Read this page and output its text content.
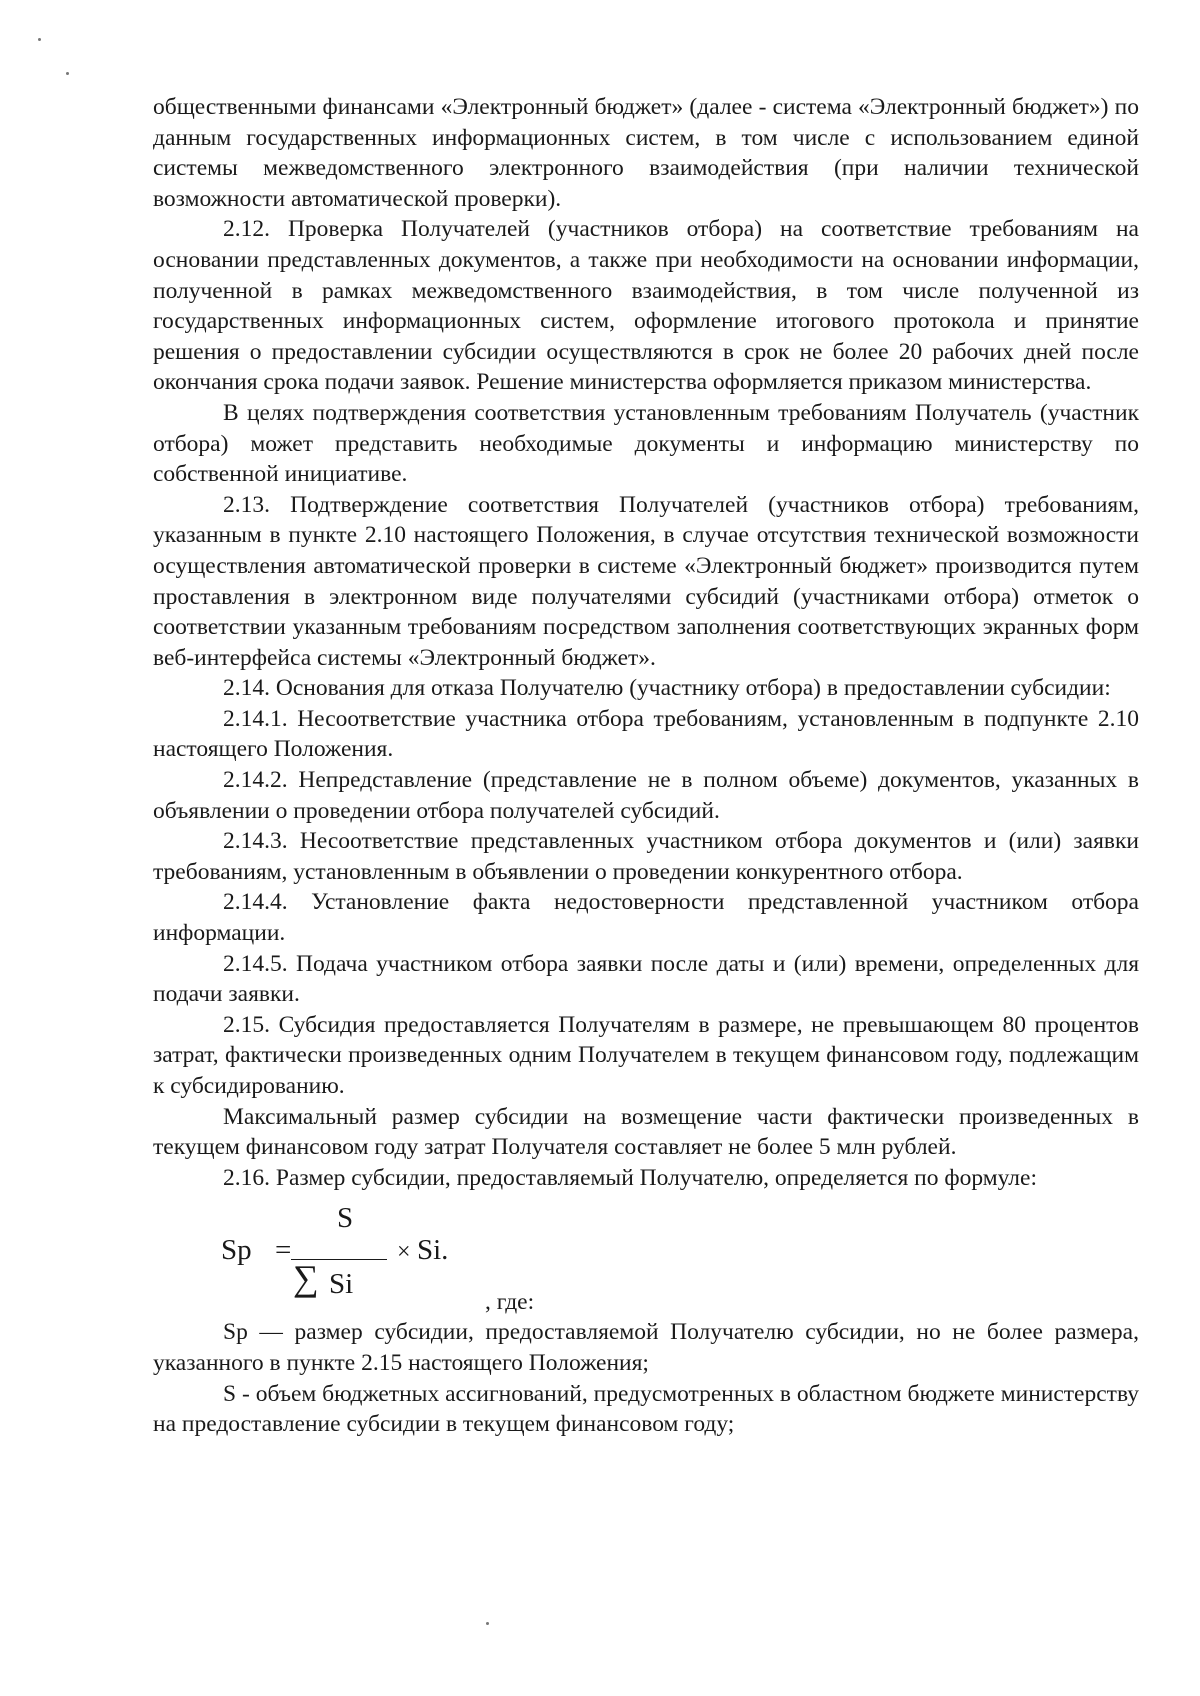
общественными финансами «Электронный бюджет» (далее - система «Электронный бюджет») по данным государственных информационных систем, в том числе с использованием единой системы межведомственного электронного взаимодействия (при наличии технической возможности автоматической проверки).

2.12. Проверка Получателей (участников отбора) на соответствие требованиям на основании представленных документов, а также при необходимости на основании информации, полученной в рамках межведомственного взаимодействия, в том числе полученной из государственных информационных систем, оформление итогового протокола и принятие решения о предоставлении субсидии осуществляются в срок не более 20 рабочих дней после окончания срока подачи заявок. Решение министерства оформляется приказом министерства.

В целях подтверждения соответствия установленным требованиям Получатель (участник отбора) может представить необходимые документы и информацию министерству по собственной инициативе.

2.13. Подтверждение соответствия Получателей (участников отбора) требованиям, указанным в пункте 2.10 настоящего Положения, в случае отсутствия технической возможности осуществления автоматической проверки в системе «Электронный бюджет» производится путем проставления в электронном виде получателями субсидий (участниками отбора) отметок о соответствии указанным требованиям посредством заполнения соответствующих экранных форм веб-интерфейса системы «Электронный бюджет».

2.14. Основания для отказа Получателю (участнику отбора) в предоставлении субсидии:

2.14.1. Несоответствие участника отбора требованиям, установленным в подпункте 2.10 настоящего Положения.

2.14.2. Непредставление (представление не в полном объеме) документов, указанных в объявлении о проведении отбора получателей субсидий.

2.14.3. Несоответствие представленных участником отбора документов и (или) заявки требованиям, установленным в объявлении о проведении конкурентного отбора.

2.14.4. Установление факта недостоверности представленной участником отбора информации.

2.14.5. Подача участником отбора заявки после даты и (или) времени, определенных для подачи заявки.

2.15. Субсидия предоставляется Получателям в размере, не превышающем 80 процентов затрат, фактически произведенных одним Получателем в текущем финансовом году, подлежащим к субсидированию.

Максимальный размер субсидии на возмещение части фактически произведенных в текущем финансовом году затрат Получателя составляет не более 5 млн рублей.

2.16. Размер субсидии, предоставляемый Получателю, определяется по формуле:

Sp =
S
∑ Si
× Si.
, где:

Sp — размер субсидии, предоставляемой Получателю субсидии, но не более размера, указанного в пункте 2.15 настоящего Положения;

S - объем бюджетных ассигнований, предусмотренных в областном бюджете министерству на предоставление субсидии в текущем финансовом году;
